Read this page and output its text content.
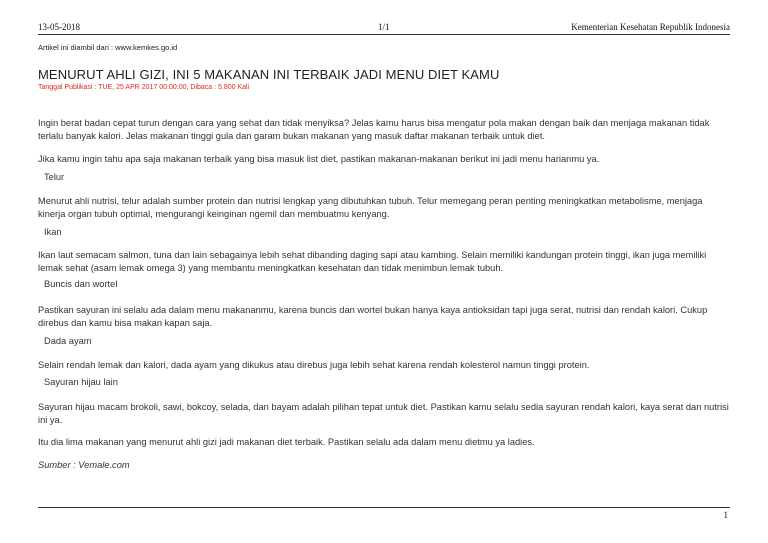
13-05-2018	1/1	Kementerian Kesehatan Republik Indonesia
Artikel ini diambil dari : www.kemkes.go.id
MENURUT AHLI GIZI, INI 5 MAKANAN INI TERBAIK JADI MENU DIET KAMU
Tanggal Publikasi : TUE, 25 APR 2017 00:00:00, Dibaca : 5.800 Kali

Ingin berat badan cepat turun dengan cara yang sehat dan tidak menyiksa? Jelas kamu harus bisa mengatur pola makan dengan baik dan menjaga makanan tidak terlalu banyak kalori. Jelas makanan tinggi gula dan garam bukan makanan yang masuk daftar makanan terbaik untuk diet.

Jika kamu ingin tahu apa saja makanan terbaik yang bisa masuk list diet, pastikan makanan-makanan berikut ini jadi menu harianmu ya.

Telur

Menurut ahli nutrisi, telur adalah sumber protein dan nutrisi lengkap yang dibutuhkan tubuh. Telur memegang peran penting meningkatkan metabolisme, menjaga kinerja organ tubuh optimal, mengurangi keinginan ngemil dan membuatmu kenyang.

Ikan

Ikan laut semacam salmon, tuna dan lain sebagainya lebih sehat dibanding daging sapi atau kambing. Selain memiliki kandungan protein tinggi, ikan juga memiliki lemak sehat (asam lemak omega 3) yang membantu meningkatkan kesehatan dan tidak menimbun lemak tubuh.

Buncis dan wortel

Pastikan sayuran ini selalu ada dalam menu makananmu, karena buncis dan wortel bukan hanya kaya antioksidan tapi juga serat, nutrisi dan rendah kalori. Cukup direbus dan kamu bisa makan kapan saja.

Dada ayam

Selain rendah lemak dan kalori, dada ayam yang dikukus atau direbus juga lebih sehat karena rendah kolesterol namun tinggi protein.

Sayuran hijau lain

Sayuran hijau macam brokoli, sawi, bokcoy, selada, dan bayam adalah pilihan tepat untuk diet. Pastikan kamu selalu sedia sayuran rendah kalori, kaya serat dan nutrisi ini ya.

Itu dia lima makanan yang menurut ahli gizi jadi makanan diet terbaik. Pastikan selalu ada dalam menu dietmu ya ladies.

Sumber : Vemale.com
1
